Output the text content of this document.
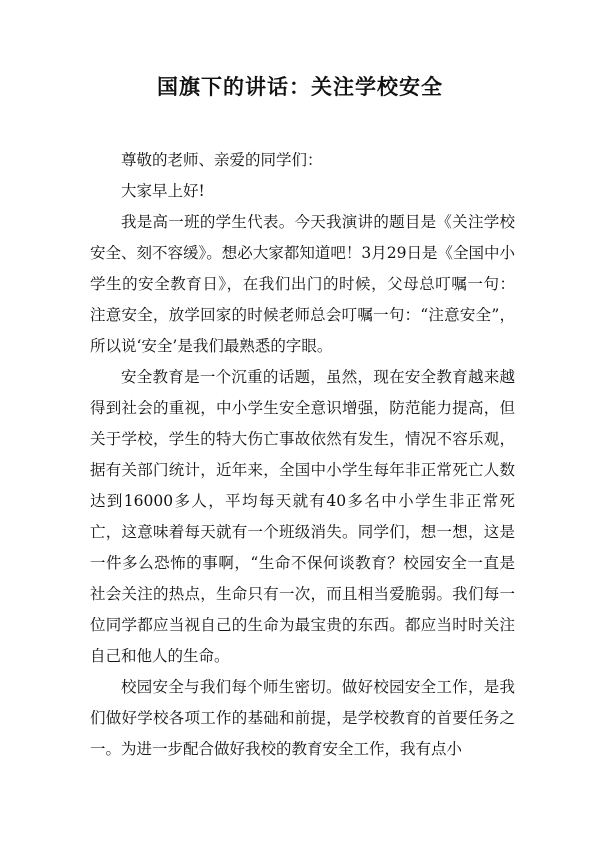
国旗下的讲话：关注学校安全

尊敬的老师、亲爱的同学们：

大家早上好!

我是高一班的学生代表。今天我演讲的题目是《关注学校安全、刻不容缓》。想必大家都知道吧！3月29日是《全国中小学生的安全教育日》，在我们出门的时候，父母总叮嘱一句：注意安全，放学回家的时候老师总会叮嘱一句：“注意安全”， 所以说‘安全’是我们最熟悉的字眼。

安全教育是一个沉重的话题，虽然，现在安全教育越来越得到社会的重视，中小学生安全意识增强，防范能力提高，但关于学校，学生的特大伤亡事故依然有发生，情况不容乐观，据有关部门统计，近年来，全国中小学生每年非正常死亡人数达到16000多人，平均每天就有40多名中小学生非正常死亡，这意味着每天就有一个班级消失。同学们，想一想，这是一件多么恐怖的事啊，“生命不保何谈教育？校园安全一直是社会关注的热点，生命只有一次，而且相当爱脆弱。我们每一位同学都应当视自己的生命为最宝贵的东西。都应当时时关注自己和他人的生命。

校园安全与我们每个师生密切。做好校园安全工作，是我们做好学校各项工作的基础和前提，是学校教育的首要任务之一。为进一步配合做好我校的教育安全工作，我有点小
